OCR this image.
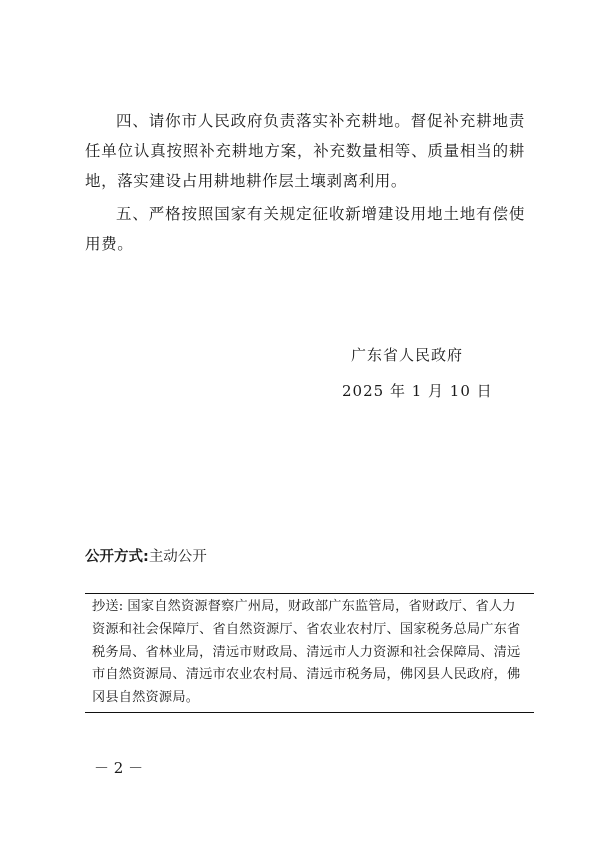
四、请你市人民政府负责落实补充耕地。督促补充耕地责任单位认真按照补充耕地方案，补充数量相等、质量相当的耕地，落实建设占用耕地耕作层土壤剥离利用。

五、严格按照国家有关规定征收新增建设用地土地有偿使用费。

广东省人民政府
2025 年 1 月 10 日
公开方式:主动公开

抄送: 国家自然资源督察广州局，财政部广东监管局，省财政厅、省人力资源和社会保障厅、省自然资源厅、省农业农村厅、国家税务总局广东省税务局、省林业局，清远市财政局、清远市人力资源和社会保障局、清远市自然资源局、清远市农业农村局、清远市税务局，佛冈县人民政府，佛冈县自然资源局。

－ 2 －
